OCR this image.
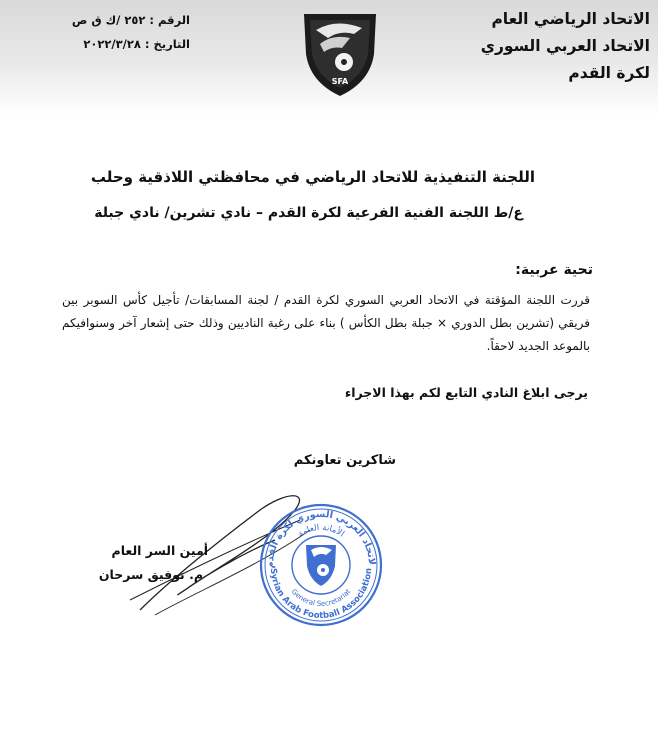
الاتحاد الرياضي العام
الاتحاد العربي السوري
لكرة القدم
SFA
الرقم :٢٥٢ /ك ق ص
التاريخ :٢٠٢٢/٣/٢٨
اللجنة التنفيذية للاتحاد الرياضي في محافظتي اللاذقية وحلب
ع/ط اللجنة الفنية الفرعية لكرة القدم – نادي تشرين/ نادي جبلة
تحية عربية:
قررت اللجنة المؤقتة في الاتحاد العربي السوري لكرة القدم / لجنة المسابقات/ تأجيل كأس السوبر بين فريقي (تشرين بطل الدوري × جبلة بطل الكأس ) بناء على رغبة الناديين وذلك حتى إشعار آخر وسنوافيكم بالموعد الجديد لاحقاً.
يرجى ابلاغ النادي التابع لكم بهذا الاجراء
شاكرين تعاونكم
أمين السر العام
م. توفيق سرحان
لاتحاد العربي السوري لكرة القدم
الأمانة العامة
General Secretariat
Syrian Arab Football Association
